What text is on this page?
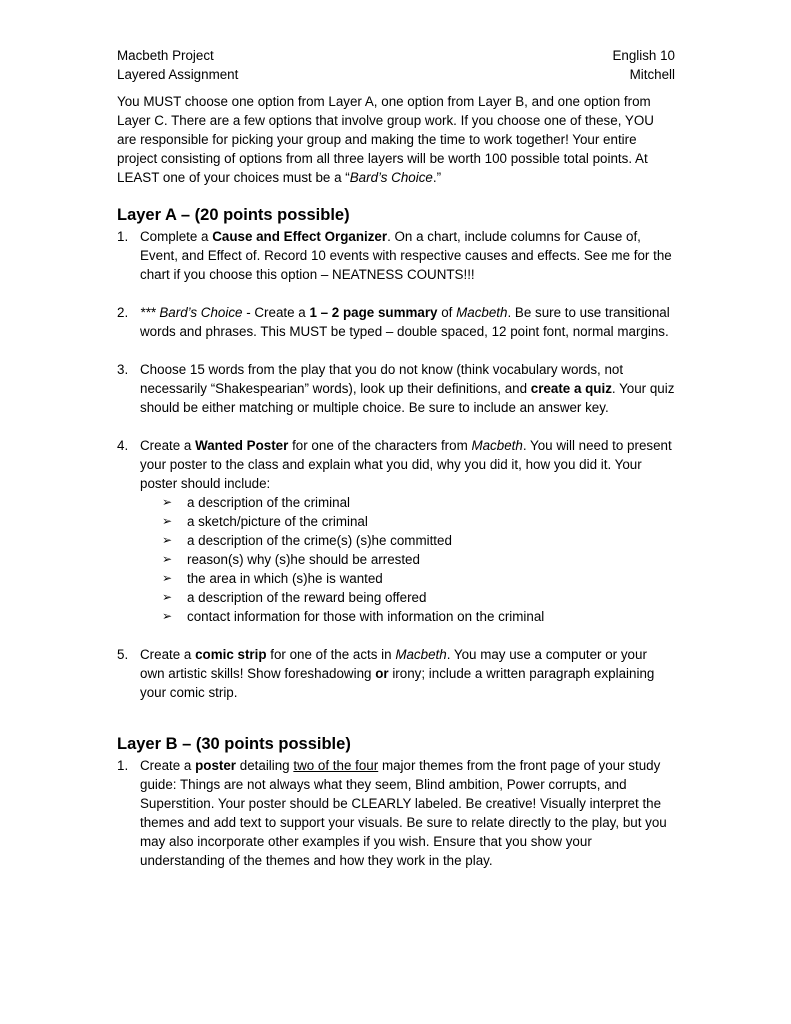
Macbeth Project	English 10
Layered Assignment	Mitchell

You MUST choose one option from Layer A, one option from Layer B, and one option from Layer C. There are a few options that involve group work. If you choose one of these, YOU are responsible for picking your group and making the time to work together! Your entire project consisting of options from all three layers will be worth 100 possible total points. At LEAST one of your choices must be a “Bard’s Choice.”

Layer A – (20 points possible)
1. Complete a Cause and Effect Organizer. On a chart, include columns for Cause of, Event, and Effect of. Record 10 events with respective causes and effects. See me for the chart if you choose this option – NEATNESS COUNTS!!!
2. *** Bard’s Choice - Create a 1 – 2 page summary of Macbeth. Be sure to use transitional words and phrases. This MUST be typed – double spaced, 12 point font, normal margins.
3. Choose 15 words from the play that you do not know (think vocabulary words, not necessarily “Shakespearian” words), look up their definitions, and create a quiz. Your quiz should be either matching or multiple choice. Be sure to include an answer key.
4. Create a Wanted Poster for one of the characters from Macbeth. You will need to present your poster to the class and explain what you did, why you did it, how you did it. Your poster should include:
➢ a description of the criminal
➢ a sketch/picture of the criminal
➢ a description of the crime(s) (s)he committed
➢ reason(s) why (s)he should be arrested
➢ the area in which (s)he is wanted
➢ a description of the reward being offered
➢ contact information for those with information on the criminal
5. Create a comic strip for one of the acts in Macbeth. You may use a computer or your own artistic skills! Show foreshadowing or irony; include a written paragraph explaining your comic strip.
Layer B – (30 points possible)
1. Create a poster detailing two of the four major themes from the front page of your study guide: Things are not always what they seem, Blind ambition, Power corrupts, and Superstition. Your poster should be CLEARLY labeled. Be creative! Visually interpret the themes and add text to support your visuals. Be sure to relate directly to the play, but you may also incorporate other examples if you wish. Ensure that you show your understanding of the themes and how they work in the play.
